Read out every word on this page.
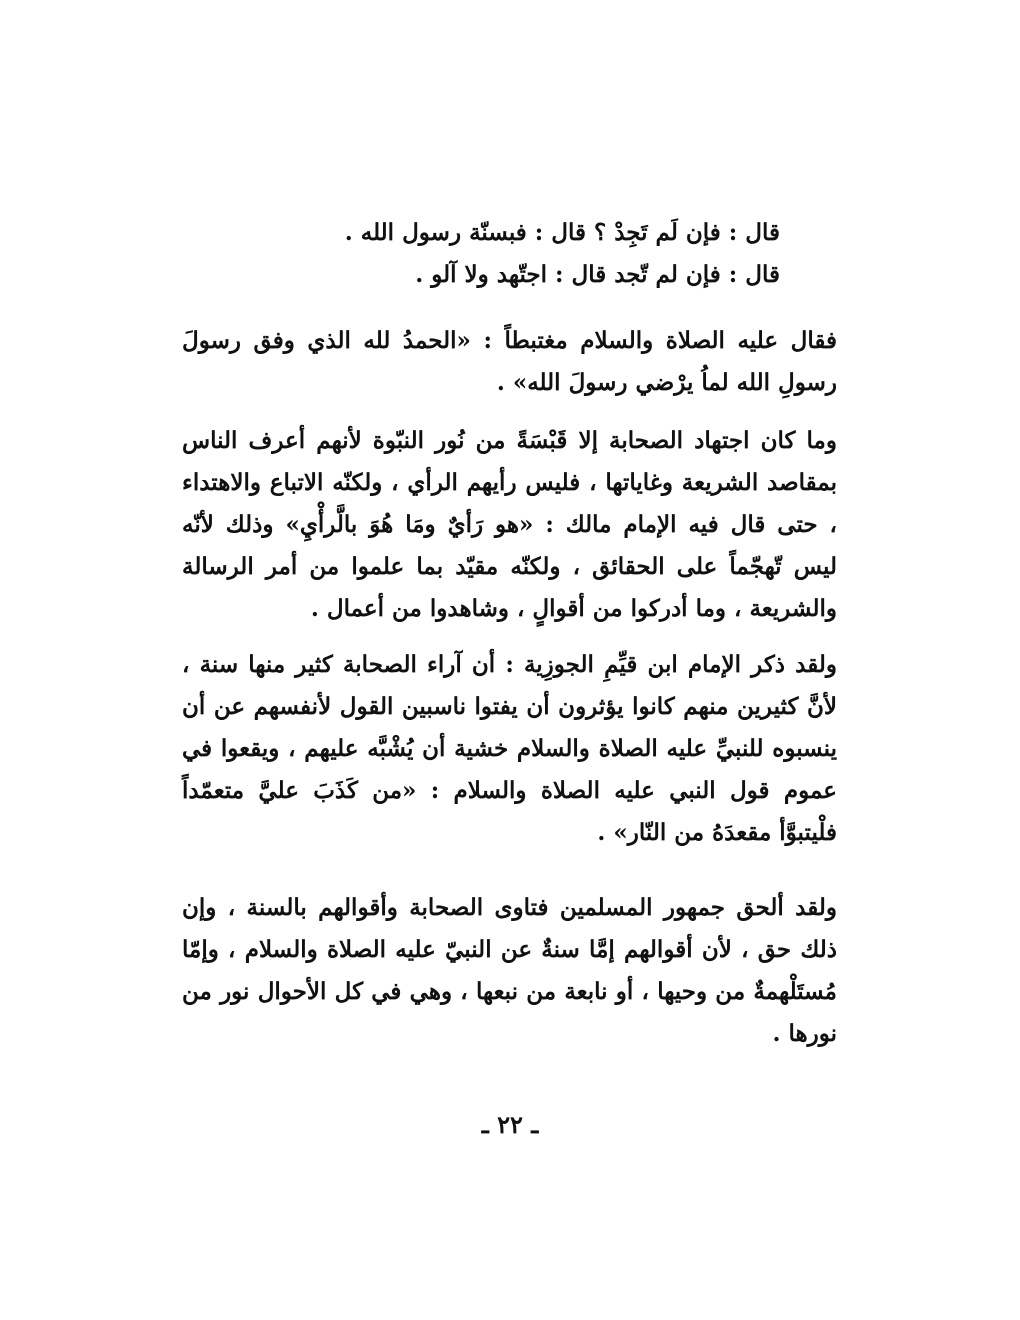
قال : فإن لَم تَجِدْ ؟ قال : فبسنّة رسول الله .
قال : فإن لم تّجد قال : اجتّهد ولا آلو .

فقال عليه الصلاة والسلام مغتبطاً : «الحمدُ لله الذي وفق رسولَ رسولِ الله لماُ يرْضي رسولَ الله» .

وما كان اجتهاد الصحابة إلا قَبْسَةً من نُور النبّوة لأنهم أعرف الناس بمقاصد الشريعة وغاياتها ، فليس رأيهم الرأي ، ولكنّه الاتباع والاهتداء ، حتى قال فيه الإمام مالك : «هو رَأيٌ ومَا هُوَ بالَّرأْيِ» وذلك لأنّه ليس تّهجّماً على الحقائق ، ولكنّه مقيّد بما علموا من أمر الرسالة والشريعة ، وما أدركوا من أقوالٍ ، وشاهدوا من أعمال .

ولقد ذكر الإمام ابن قيِّمِ الجوزِية : أن آراء الصحابة كثير منها سنة ، لأنَّ كثيرين منهم كانوا يؤثرون أن يفتوا ناسبين القول لأنفسهم عن أن ينسبوه للنبيِّ عليه الصلاة والسلام خشية أن يُشْبَّه عليهم ، ويقعوا في عموم قول النبي عليه الصلاة والسلام : «من كَذَبَ عليَّ متعمّداً فلْيتبوَّأ مقعدَهُ من النّار» .

ولقد ألحق جمهور المسلمين فتاوى الصحابة وأقوالهم بالسنة ، وإن ذلك حق ، لأن أقوالهم إمَّا سنةٌ عن النبيّ عليه الصلاة والسلام ، وإمّا مُستَلْهمةٌ من وحيها ، أو نابعة من نبعها ، وهي في كل الأحوال نور من نورها .

ـ ٢٢ ـ
